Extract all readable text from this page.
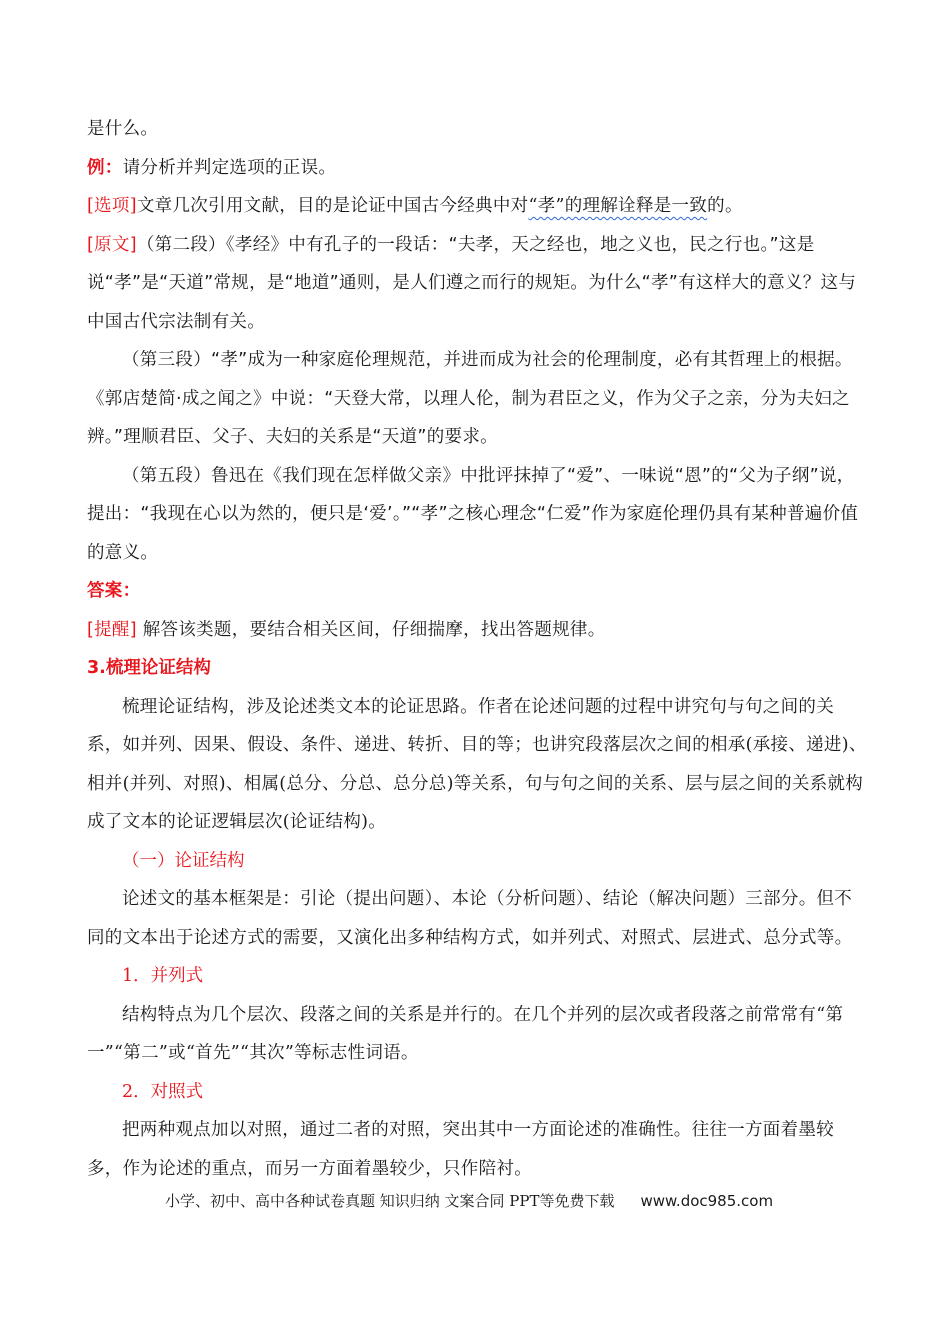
是什么。

例：请分析并判定选项的正误。

[选项]文章几次引用文献，目的是论证中国古今经典中对“孝”的理解诠释是一致的。

[原文]（第二段）《孝经》中有孔子的一段话：“夫孝，天之经也，地之义也，民之行也。”这是说“孝”是“天道”常规，是“地道”通则，是人们遵之而行的规矩。为什么“孝”有这样大的意义？这与中国古代宗法制有关。

（第三段）“孝”成为一种家庭伦理规范，并进而成为社会的伦理制度，必有其哲理上的根据。《郭店楚简·成之闻之》中说：“天登大常，以理人伦，制为君臣之义，作为父子之亲，分为夫妇之辨。”理顺君臣、父子、夫妇的关系是“天道”的要求。

（第五段）鲁迅在《我们现在怎样做父亲》中批评抹掉了“爱”、一味说“恩”的“父为子纲”说，提出：“我现在心以为然的，便只是‘爱’。”“孝”之核心理念“仁爱”作为家庭伦理仍具有某种普遍价值的意义。

答案：

[提醒] 解答该类题，要结合相关区间，仔细揣摩，找出答题规律。

3.梳理论证结构

梳理论证结构，涉及论述类文本的论证思路。作者在论述问题的过程中讲究句与句之间的关系，如并列、因果、假设、条件、递进、转折、目的等；也讲究段落层次之间的相承(承接、递进)、相并(并列、对照)、相属(总分、分总、总分总)等关系，句与句之间的关系、层与层之间的关系就构成了文本的论证逻辑层次(论证结构)。

（一）论证结构

论述文的基本框架是：引论（提出问题）、本论（分析问题）、结论（解决问题）三部分。但不同的文本出于论述方式的需要，又演化出多种结构方式，如并列式、对照式、层进式、总分式等。

1．并列式

结构特点为几个层次、段落之间的关系是并行的。在几个并列的层次或者段落之前常常有“第一”“第二”或“首先”“其次”等标志性词语。

2．对照式

把两种观点加以对照，通过二者的对照，突出其中一方面论述的准确性。往往一方面着墨较多，作为论述的重点，而另一方面着墨较少，只作陪衬。

小学、初中、高中各种试卷真题 知识归纳 文案合同 PPT等免费下载 www.doc985.com
